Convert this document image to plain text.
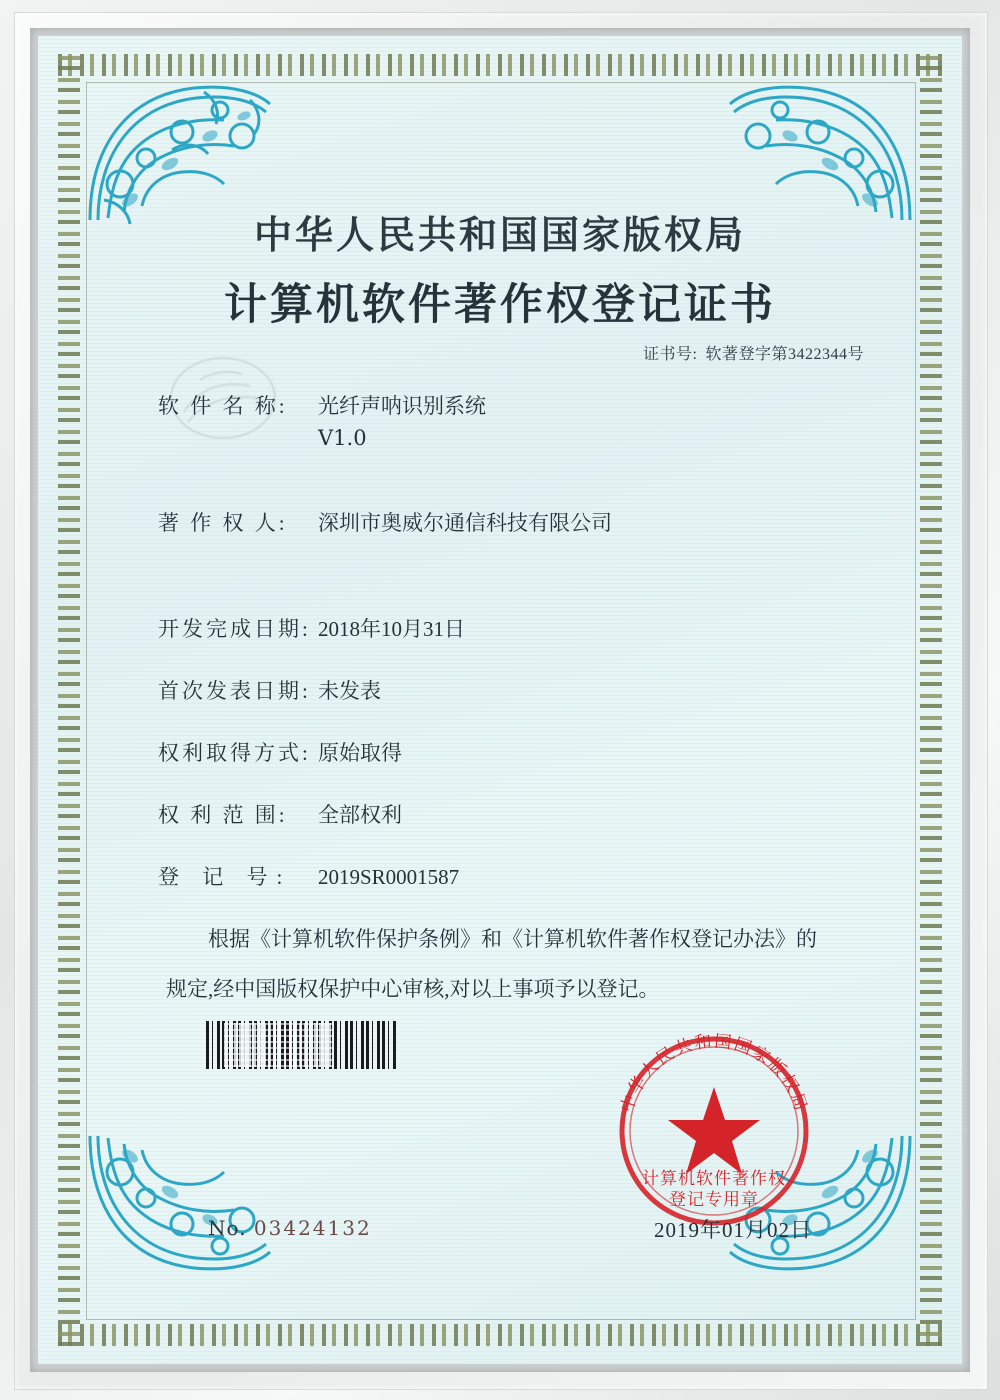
中华人民共和国国家版权局
计算机软件著作权登记证书
证书号: 软著登字第3422344号
软 件 名 称: 光纤声呐识别系统
V1.0
著 作 权 人: 深圳市奥威尔通信科技有限公司
开发完成日期: 2018年10月31日
首次发表日期: 未发表
权利取得方式: 原始取得
权 利 范 围: 全部权利
登 记 号: 2019SR0001587
根据《计算机软件保护条例》和《计算机软件著作权登记办法》的
规定,经中国版权保护中心审核,对以上事项予以登记。
中华人民共和国国家版权局
计算机软件著作权
登记专用章
No. 03424132	2019年01月02日
